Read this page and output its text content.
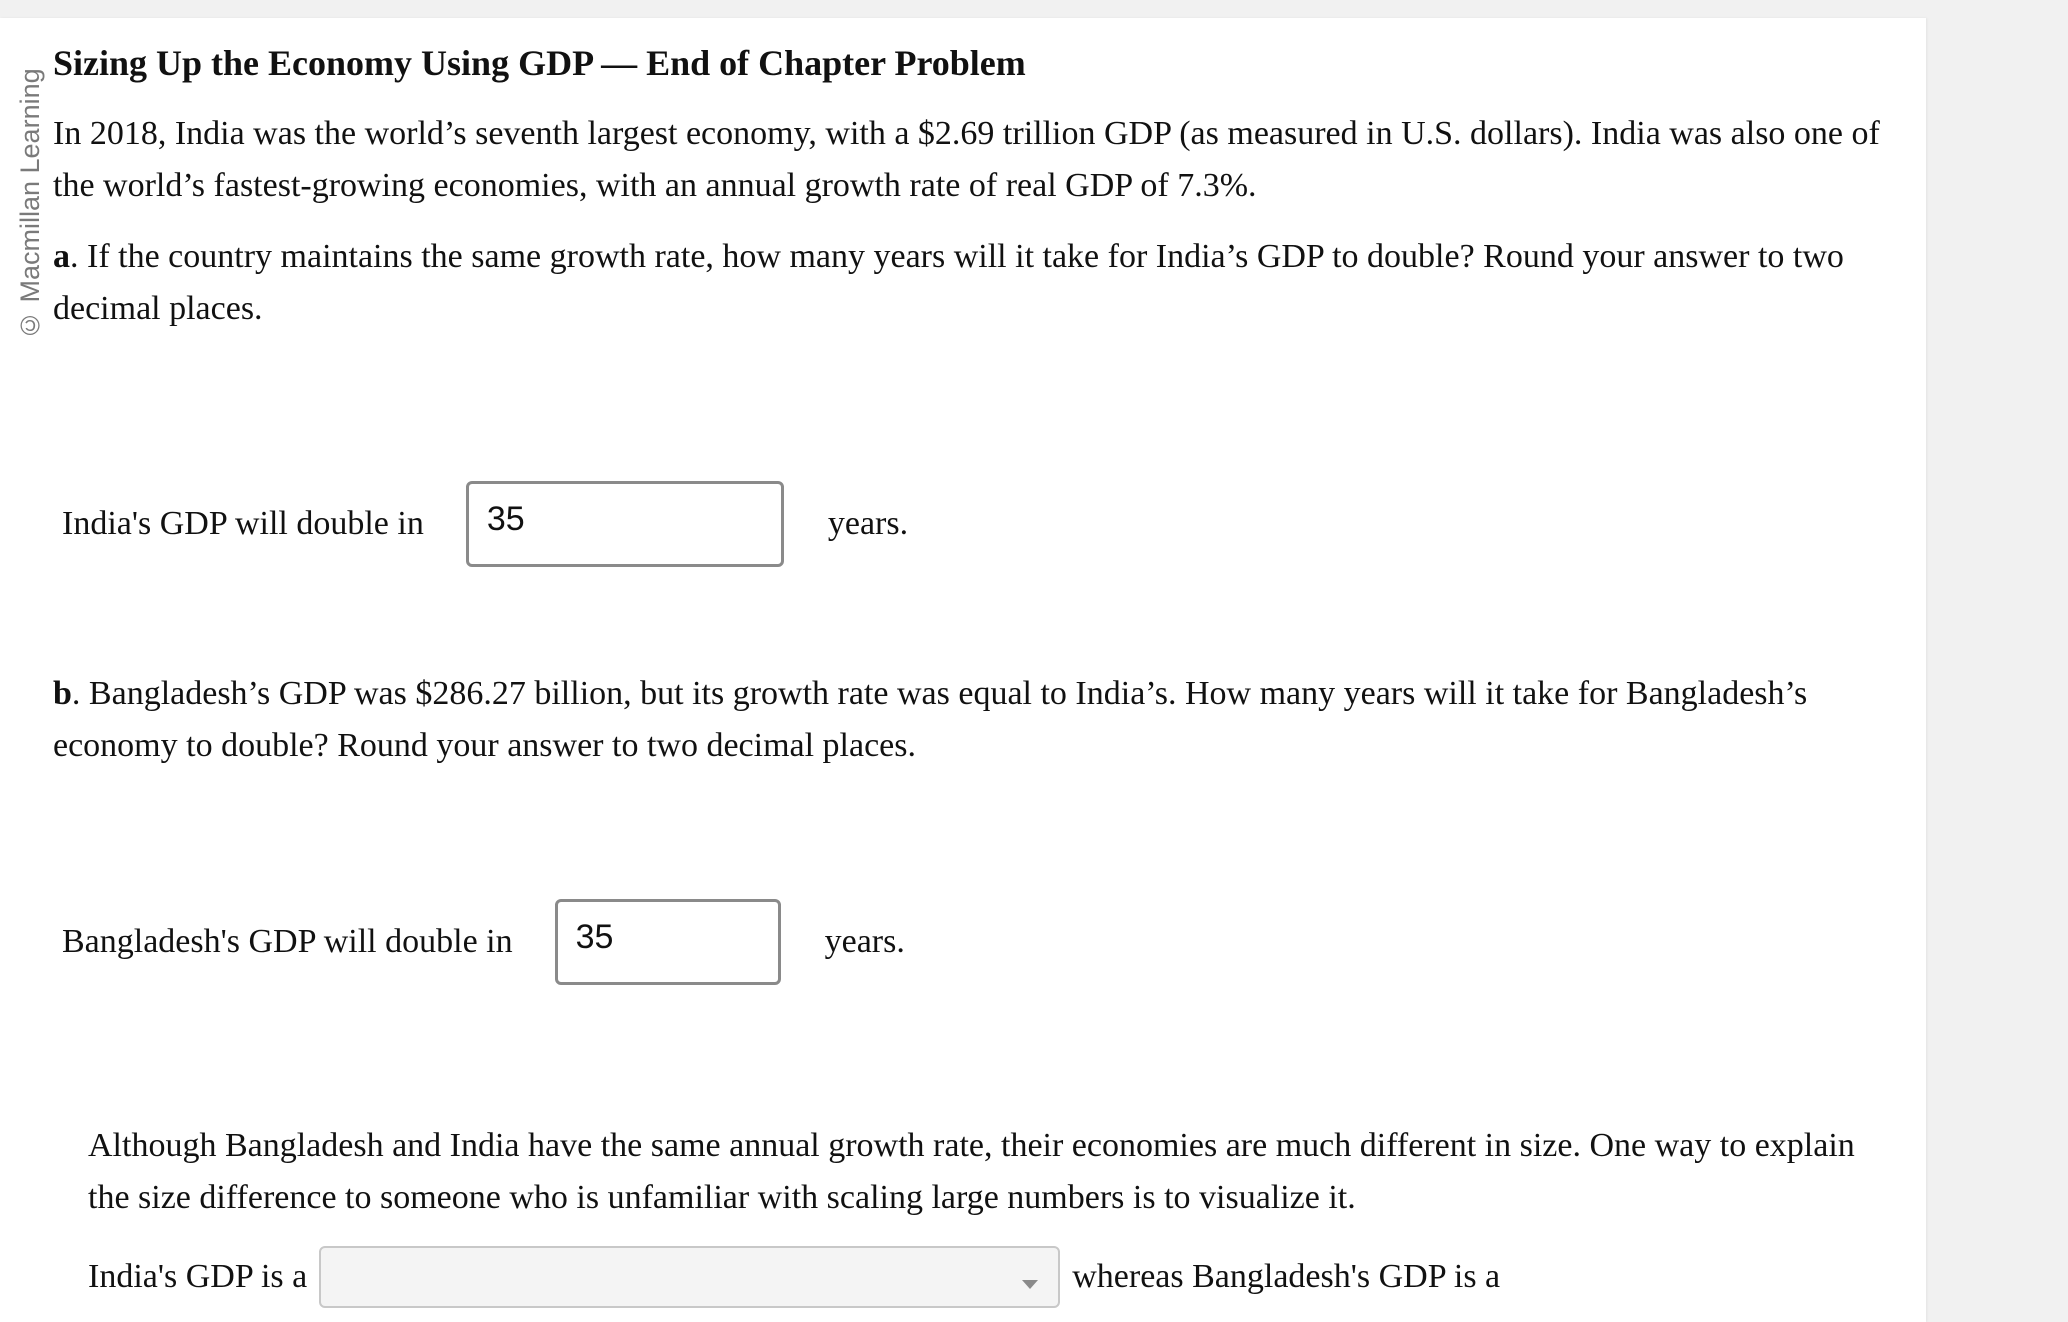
© Macmillan Learning
Sizing Up the Economy Using GDP — End of Chapter Problem

In 2018, India was the world’s seventh largest economy, with a $2.69 trillion GDP (as measured in U.S. dollars). India was also one of the world’s fastest-growing economies, with an annual growth rate of real GDP of 7.3%.

a. If the country maintains the same growth rate, how many years will it take for India’s GDP to double? Round your answer to two decimal places.

India's GDP will double in	35	years.

b. Bangladesh’s GDP was $286.27 billion, but its growth rate was equal to India’s. How many years will it take for Bangladesh’s economy to double? Round your answer to two decimal places.

Bangladesh's GDP will double in	35	years.

Although Bangladesh and India have the same annual growth rate, their economies are much different in size. One way to explain the size difference to someone who is unfamiliar with scaling large numbers is to visualize it.

India's GDP is a	whereas Bangladesh's GDP is a
